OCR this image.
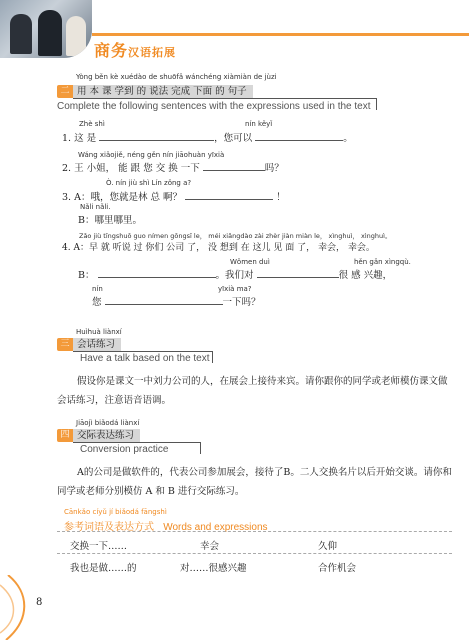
商务汉语拓展
Yòng běn kè xuédào de shuōfǎ wánchéng xiàmiàn de jùzi
二 用 本 课 学到 的 说法 完成 下面 的 句子
Complete the following sentences with the expressions used in the text
Zhè shì	nín kěyǐ
1. 这 是	，您可以	。
Wáng xiǎojiě, néng gěn nín jiāohuàn yīxià
2. 王 小姐， 能 跟 您 交 换 一下	吗？
Ò. nín jiù shì Lín zǒng a?
3. A：哦，您就是林 总 啊？	！
Nǎli nǎli.
B：哪里哪里。
Zǎo jiù tīngshuō guo nímen gōngsī le， méi xiǎngdào zài zhèr jiàn miàn le， xìnghuì， xìnghuì。
4. A：早 就 听说 过 你们 公司 了， 没 想到 在 这儿 见 面 了， 幸会， 幸会。
Wǒmen duì	hěn gǎn xìngqù.
B：	。我们对	很 感 兴趣，
nín	yīxià ma?
您	一下吗？
Huìhuà liànxí
三 会话练习
Have a talk based on the text
假设你是课文一中刘力公司的人，在展会上接待来宾。请你跟你的同学或老师模仿课文做会话练习，注意语音语调。
Jiāojì biǎodá liànxí
四 交际表达练习
Conversion practice
A的公司是做软件的，代表公司参加展会，接待了B。二人交换名片以后开始交谈。请你和同学或老师分别模仿 A 和 B 进行交际练习。
Cānkǎo cíyǔ jí biǎodá fāngshì
参考词语及表达方式 Words and expressions
交换一下……	幸会	久仰
我也是做……的	对……很感兴趣	合作机会
8
